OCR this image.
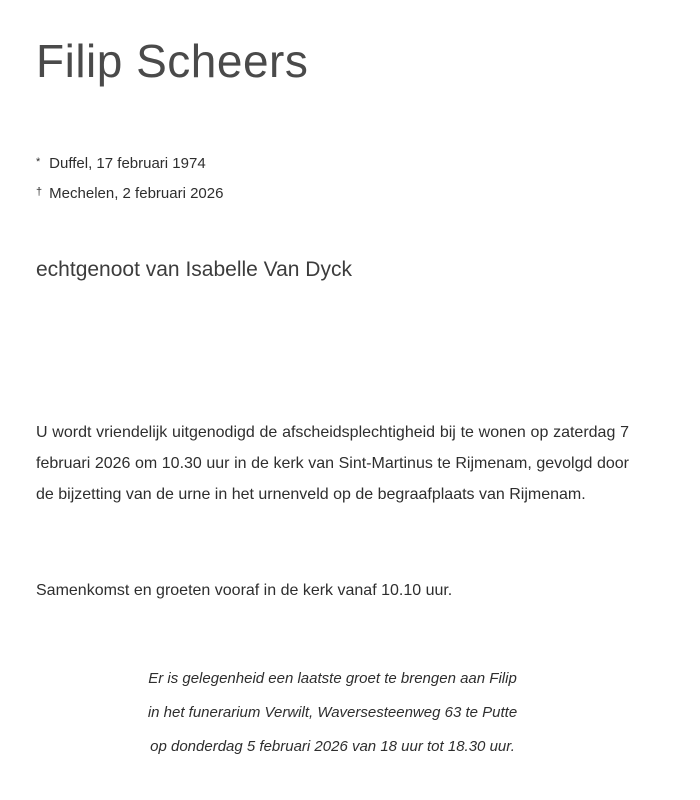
Filip Scheers
* Duffel, 17 februari 1974
† Mechelen, 2 februari 2026
echtgenoot van Isabelle Van Dyck

U wordt vriendelijk uitgenodigd de afscheidsplechtigheid bij te wonen op zaterdag 7 februari 2026 om 10.30 uur in de kerk van Sint-Martinus te Rijmenam, gevolgd door de bijzetting van de urne in het urnenveld op de begraafplaats van Rijmenam.

Samenkomst en groeten vooraf in de kerk vanaf 10.10 uur.

Er is gelegenheid een laatste groet te brengen aan Filip
in het funerarium Verwilt, Waversesteenweg 63 te Putte
op donderdag 5 februari 2026 van 18 uur tot 18.30 uur.
